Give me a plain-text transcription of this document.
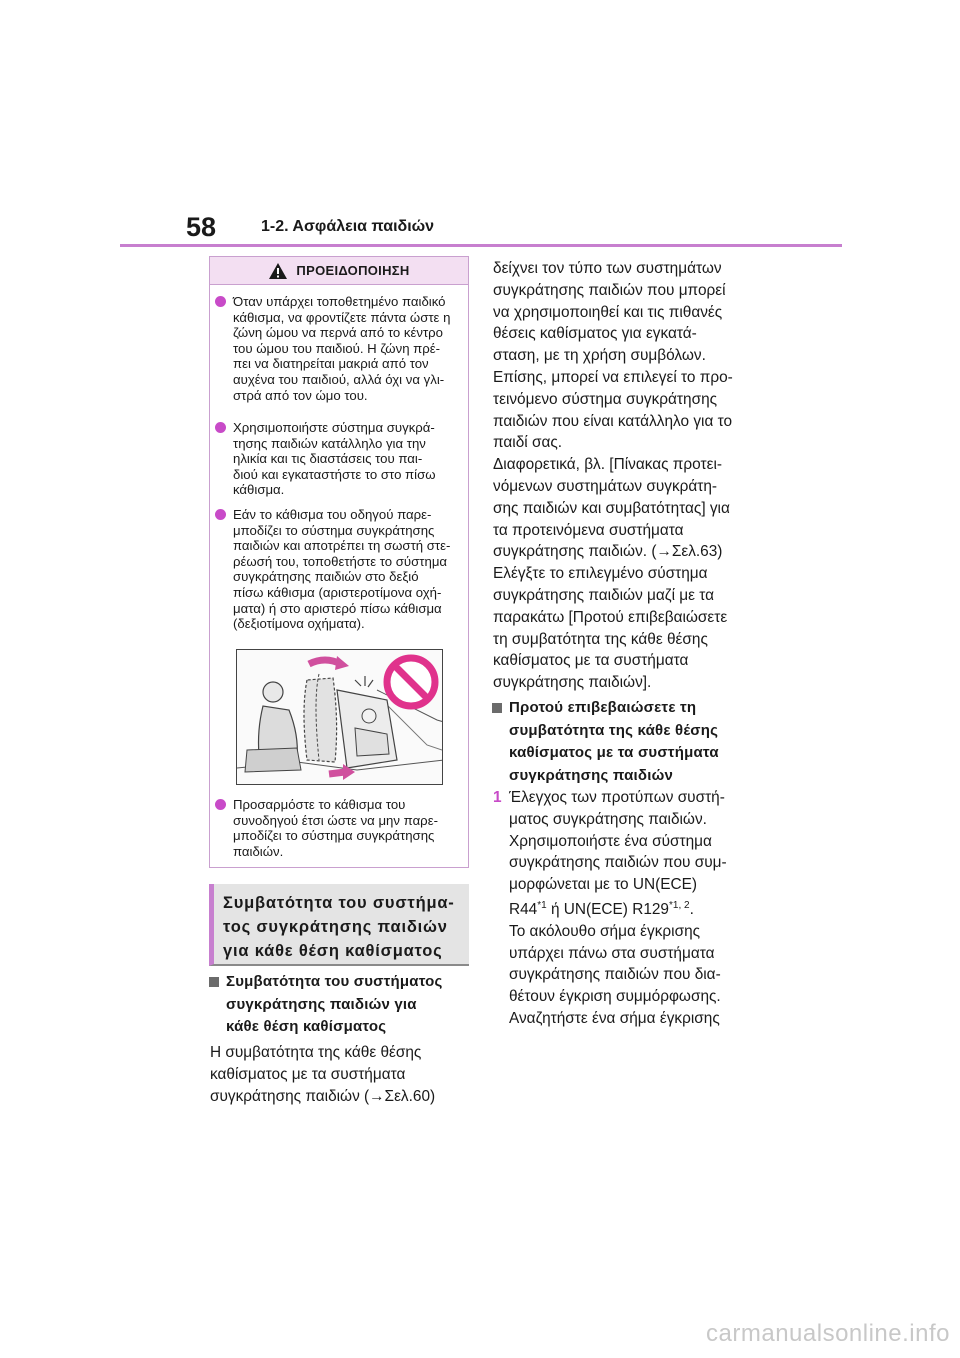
58	1-2. Ασφάλεια παιδιών
ΠΡΟΕΙΔΟΠΟΙΗΣΗ
Όταν υπάρχει τοποθετημένο παιδικό
κάθισμα, να φροντίζετε πάντα ώστε η
ζώνη ώμου να περνά από το κέντρο
του ώμου του παιδιού. Η ζώνη πρέ-
πει να διατηρείται μακριά από τον
αυχένα του παιδιού, αλλά όχι να γλι-
στρά από τον ώμο του.
Χρησιμοποιήστε σύστημα συγκρά-
τησης παιδιών κατάλληλο για την
ηλικία και τις διαστάσεις του παι-
διού και εγκαταστήστε το στο πίσω
κάθισμα.
Εάν το κάθισμα του οδηγού παρε-
μποδίζει το σύστημα συγκράτησης
παιδιών και αποτρέπει τη σωστή στε-
ρέωσή του, τοποθετήστε το σύστημα
συγκράτησης παιδιών στο δεξιό
πίσω κάθισμα (αριστεροτίμονα οχή-
ματα) ή στο αριστερό πίσω κάθισμα
(δεξιοτίμονα οχήματα).
Προσαρμόστε το κάθισμα του
συνοδηγού έτσι ώστε να μην παρε-
μποδίζει το σύστημα συγκράτησης
παιδιών.
Συμβατότητα του συστήμα-
τος συγκράτησης παιδιών
για κάθε θέση καθίσματος
Συμβατότητα του συστήματος
συγκράτησης παιδιών για
κάθε θέση καθίσματος
Η συμβατότητα της κάθε θέσης
καθίσματος με τα συστήματα
συγκράτησης παιδιών (→Σελ.60)
δείχνει τον τύπο των συστημάτων
συγκράτησης παιδιών που μπορεί
να χρησιμοποιηθεί και τις πιθανές
θέσεις καθίσματος για εγκατά-
σταση, με τη χρήση συμβόλων.
Επίσης, μπορεί να επιλεγεί το προ-
τεινόμενο σύστημα συγκράτησης
παιδιών που είναι κατάλληλο για το
παιδί σας.
Διαφορετικά, βλ. [Πίνακας προτει-
νόμενων συστημάτων συγκράτη-
σης παιδιών και συμβατότητας] για
τα προτεινόμενα συστήματα
συγκράτησης παιδιών. (→Σελ.63)
Ελέγξτε το επιλεγμένο σύστημα
συγκράτησης παιδιών μαζί με τα
παρακάτω [Προτού επιβεβαιώσετε
τη συμβατότητα της κάθε θέσης
καθίσματος με τα συστήματα
συγκράτησης παιδιών].
Προτού επιβεβαιώσετε τη
συμβατότητα της κάθε θέσης
καθίσματος με τα συστήματα
συγκράτησης παιδιών
1 Έλεγχος των προτύπων συστή-
ματος συγκράτησης παιδιών.
Χρησιμοποιήστε ένα σύστημα
συγκράτησης παιδιών που συμ-
μορφώνεται με το UN(ECE)
R44$^{*1}$ ή UN(ECE) R129$^{*1, 2}$.
Το ακόλουθο σήμα έγκρισης
υπάρχει πάνω στα συστήματα
συγκράτησης παιδιών που δια-
θέτουν έγκριση συμμόρφωσης.
Αναζητήστε ένα σήμα έγκρισης
carmanualsonline.info
